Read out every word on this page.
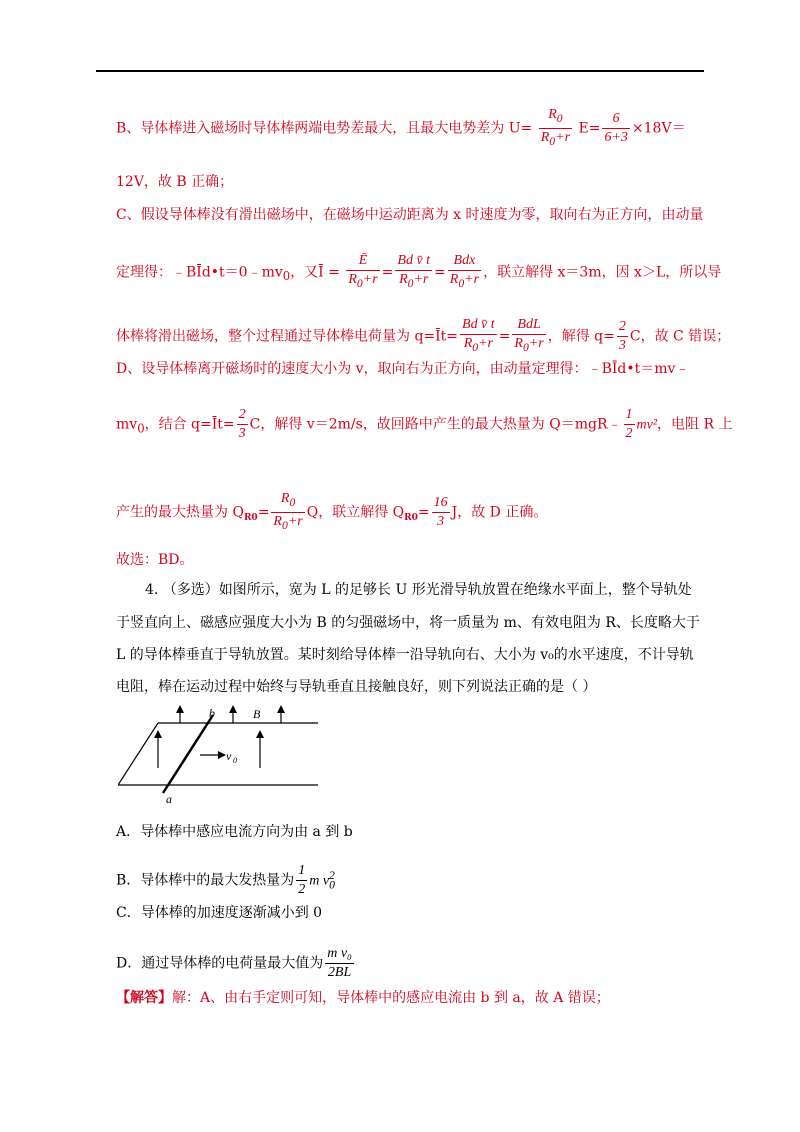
B、导体棒进入磁场时导体棒两端电势差最大，且最大电势差为 $U= \frac{R_0}{R_0+r} E= \frac{6}{6+3} \times 18V=$
12V，故 B 正确；
C、假设导体棒没有滑出磁场中，在磁场中运动距离为 x 时速度为零，取向右为正方向，由动量
定理得：$﹣BĪd•t=0﹣mv_0$，又Ī = $\frac{Ē}{R_0+r} = \frac{\text{Bd v̄ t}}{R_0+r} = \frac{\text{Bdx}}{R_0+r}$ ，联立解得 x＝3m，因 x＞L，所以导
体棒将滑出磁场，整个过程通过导体棒电荷量为 q=Īt= $\frac{\text{Bd v̄ t}}{R_0+r} = \frac{\text{BdL}}{R_0+r}$ ，解得 $q= \frac{2}{3}$ C，故 C 错误；
D、设导体棒离开磁场时的速度大小为 v，取向右为正方向，由动量定理得：﹣BĪd•t＝mv﹣
$mv_0$，结合 q=Īt= $\frac{2}{3}$ C，解得 v＝2m/s，故回路中产生的最大热量为 Q＝mgR﹣ $\frac{1}{2} mv^2$，电阻 R 上
产生的最大热量为 $Q_{R0}= \frac{R_0}{R_0+r}$ Q，联立解得 $Q_{R0}= \frac{16}{3}$ J，故 D 正确。
故选：BD。
4. （多选）如图所示，宽为 L 的足够长 U 形光滑导轨放置在绝缘水平面上，整个导轨处
于竖直向上、磁感应强度大小为 B 的匀强磁场中，将一质量为 m、有效电阻为 R、长度略大于
L 的导体棒垂直于导轨放置。某时刻给导体棒一沿导轨向右、大小为 v₀的水平速度，不计导轨
电阻，棒在运动过程中始终与导轨垂直且接触良好，则下列说法正确的是（ ）
b	B
v 0
a
A．导体棒中感应电流方向为由 a 到 b
B．导体棒中的最大发热量为 $\frac{1}{2}$ m $v_0^2$
C．导体棒的加速度逐渐减小到 0
D．通过导体棒的电荷量最大值为 $\frac{\text{m v₀}}{2BL}$
【解答】解：A、由右手定则可知，导体棒中的感应电流由 b 到 a，故 A 错误；
